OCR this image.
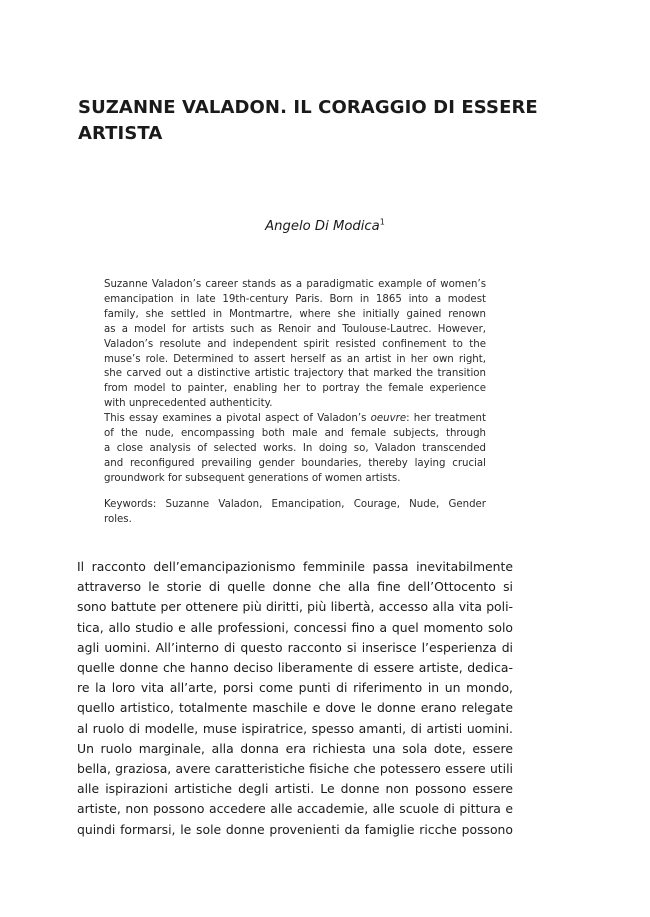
SUZANNE VALADON. IL CORAGGIO DI ESSERE
ARTISTA
Angelo Di Modica$^1$
Suzanne Valadon’s career stands as a paradigmatic example of women’s
emancipation in late 19th-century Paris. Born in 1865 into a modest
family, she settled in Montmartre, where she initially gained renown
as a model for artists such as Renoir and Toulouse-Lautrec. However,
Valadon’s resolute and independent spirit resisted confinement to the
muse’s role. Determined to assert herself as an artist in her own right,
she carved out a distinctive artistic trajectory that marked the transition
from model to painter, enabling her to portray the female experience
with unprecedented authenticity.
This essay examines a pivotal aspect of Valadon’s oeuvre: her treatment
of the nude, encompassing both male and female subjects, through
a close analysis of selected works. In doing so, Valadon transcended
and reconfigured prevailing gender boundaries, thereby laying crucial
groundwork for subsequent generations of women artists.
Keywords: Suzanne Valadon, Emancipation, Courage, Nude, Gender
roles.
Il racconto dell’emancipazionismo femminile passa inevitabilmente
attraverso le storie di quelle donne che alla fine dell’Ottocento si
sono battute per ottenere più diritti, più libertà, accesso alla vita poli-
tica, allo studio e alle professioni, concessi fino a quel momento solo
agli uomini. All’interno di questo racconto si inserisce l’esperienza di
quelle donne che hanno deciso liberamente di essere artiste, dedica-
re la loro vita all’arte, porsi come punti di riferimento in un mondo,
quello artistico, totalmente maschile e dove le donne erano relegate
al ruolo di modelle, muse ispiratrice, spesso amanti, di artisti uomini.
Un ruolo marginale, alla donna era richiesta una sola dote, essere
bella, graziosa, avere caratteristiche fisiche che potessero essere utili
alle ispirazioni artistiche degli artisti. Le donne non possono essere
artiste, non possono accedere alle accademie, alle scuole di pittura e
quindi formarsi, le sole donne provenienti da famiglie ricche possono
